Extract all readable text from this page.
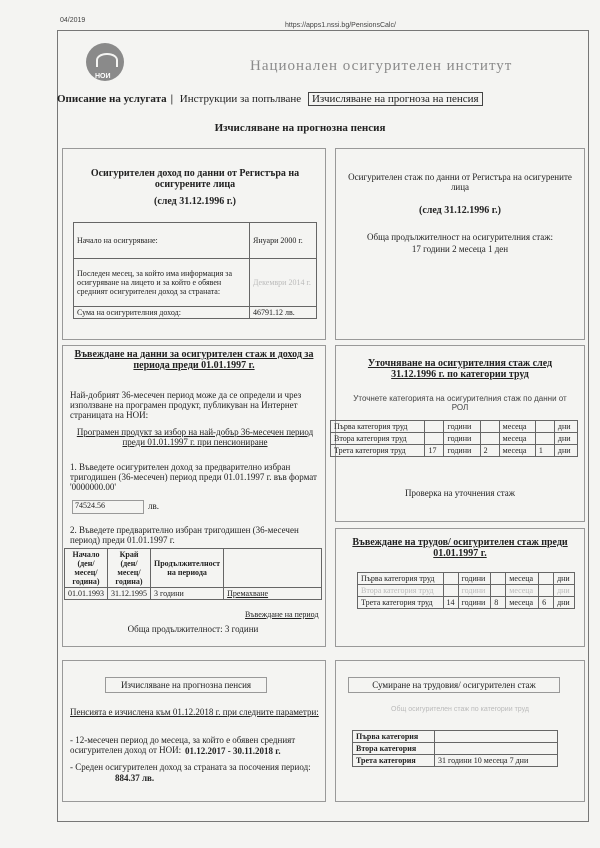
04/2019
https://apps1.nssi.bg/PensionsCalc/
НОИ
Национален осигурителен институт
Описание на услугата | Инструкции за попълване Изчисляване на прогноза на пенсия
Изчисляване на прогнозна пенсия
Осигурителен доход по данни от Регистъра на осигурените лица
(след 31.12.1996 г.)
Начало на осигуряване:	Януари 2000 г.
Последен месец, за който има информация за осигуряване на лицето и за който е обявен средният осигурителен доход за страната:	Декември 2014 г.
Сума на осигурителния доход:	46791.12 лв.
Осигурителен стаж по данни от Регистъра на осигурените лица
(след 31.12.1996 г.)
Обща продължителност на осигурителния стаж:
17 години 2 месеца 1 ден
Въвеждане на данни за осигурителен стаж и доход за периода преди 01.01.1997 г.
Най-добрият 36-месечен период може да се определи и чрез използване на програмен продукт, публикуван на Интернет страницата на НОИ:
Програмен продукт за избор на най-добър 36-месечен период преди 01.01.1997 г. при пенсиониране
1. Въведете осигурителен доход за предварително избран тригодишен (36-месечен) период преди 01.01.1997 г. във формат '0000000.00'
74524.56	лв.
2. Въведете предварително избран тригодишен (36-месечен период) преди 01.01.1997 г.
Начало (ден/ месец/ година)	Край (ден/ месец/ година)	Продължителност на периода	
01.01.1993	31.12.1995	3 години	Премахване
Въвеждане на период
Обща продължителност: 3 години
Уточняване на осигурителния стаж след 31.12.1996 г. по категории труд
Уточнете категорията на осигурителния стаж по данни от РОЛ
Първа категория труд		години		месеца		дни
Втора категория труд		години		месеца		дни
Трета категория труд	17	години	2	месеца	1	дни
Проверка на уточнения стаж
Въвеждане на трудов/ осигурителен стаж преди 01.01.1997 г.
Първа категория труд		години		месеца		дни
Втора категория труд		години		месеца		дни
Трета категория труд	14	години	8	месеца	6	дни
Изчисляване на прогнозна пенсия
Пенсията е изчислена към 01.12.2018 г. при следните параметри:
- 12-месечен период до месеца, за който е обявен средният осигурителен доход от НОИ: 01.12.2017 - 30.11.2018 г.
- Среден осигурителен доход за страната за посочения период:
884.37 лв.
Сумиране на трудовия/ осигурителен стаж
Общ осигурителен стаж по категории труд
Първа категория	
Втора категория	
Трета категория	31 години 10 месеца 7 дни
